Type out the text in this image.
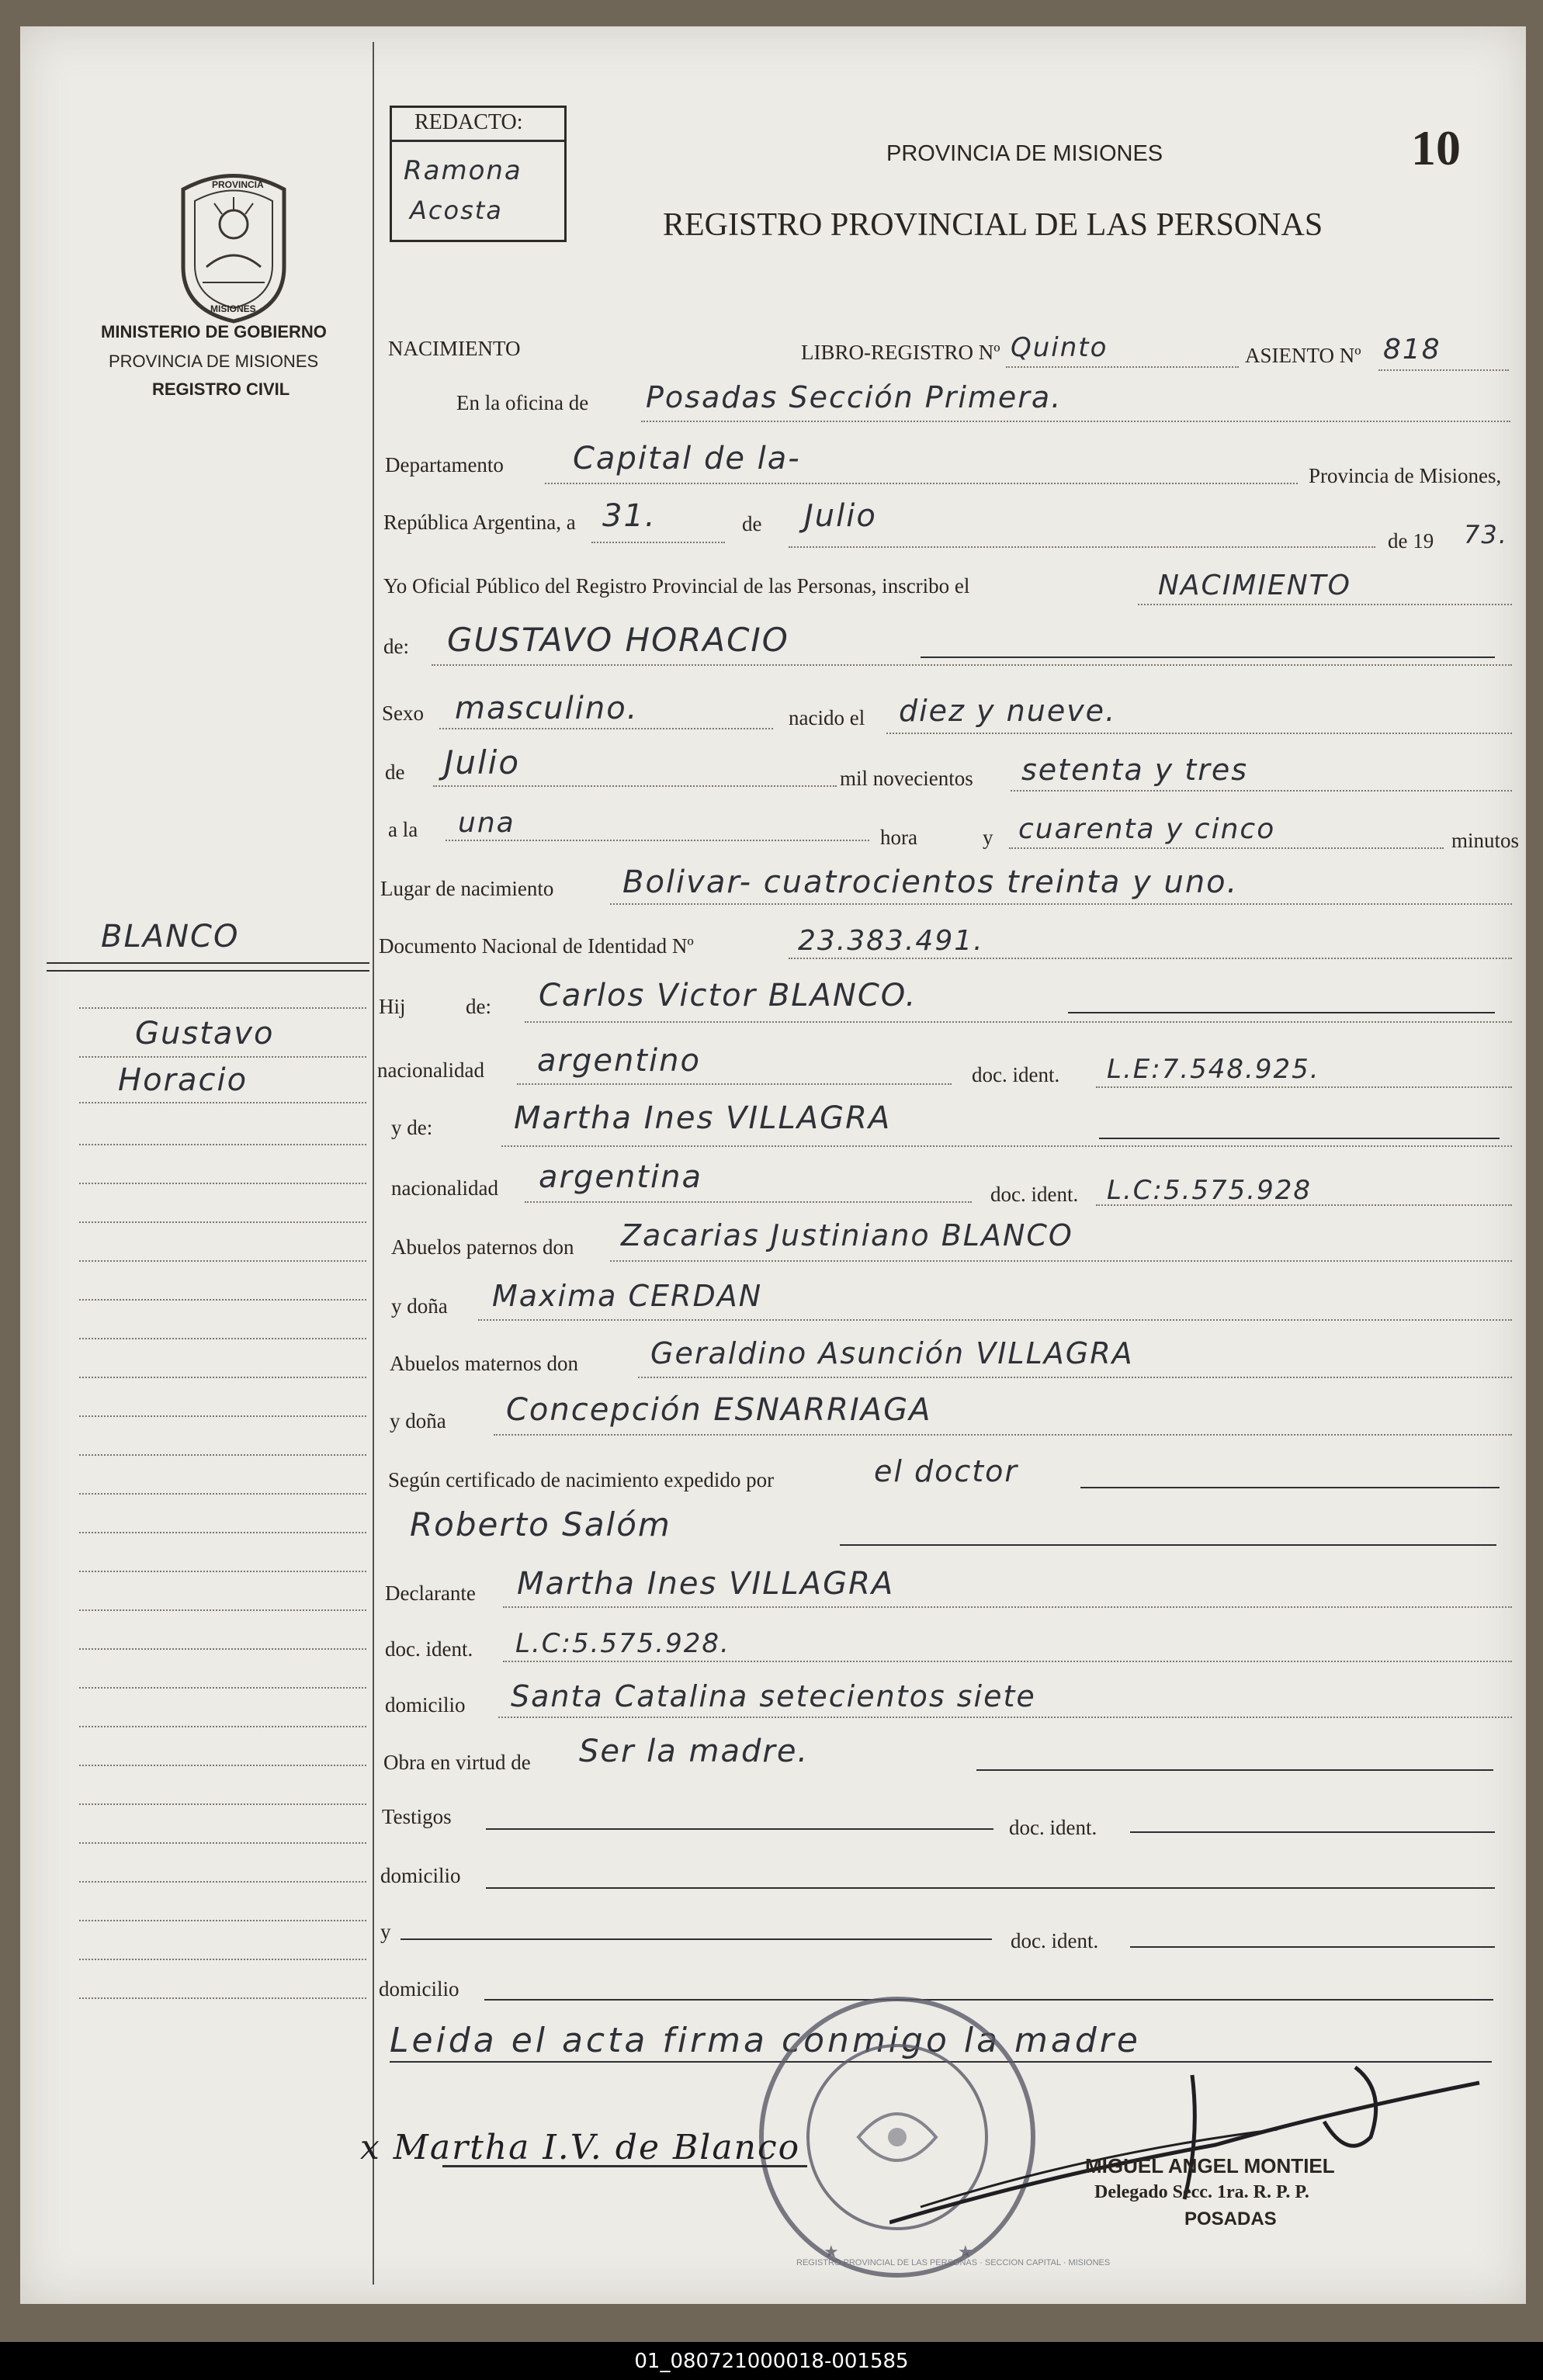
PROVINCIA
MISIONES
MINISTERIO DE GOBIERNO
PROVINCIA DE MISIONES
REGISTRO CIVIL
BLANCO
Gustavo
Horacio
REDACTO:
Ramona
Acosta
PROVINCIA DE MISIONES
REGISTRO PROVINCIAL DE LAS PERSONAS
10
NACIMIENTO	LIBRO-REGISTRO Nº Quinto	ASIENTO Nº 818
En la oficina de Posadas Sección Primera.
Departamento Capital de la-	Provincia de Misiones,
República Argentina, a 31.	de Julio
de 19 73.
Yo Oficial Público del Registro Provincial de las Personas, inscribo el	NACIMIENTO
de: GUSTAVO HORACIO
Sexo masculino.	nacido el diez y nueve.
de Julio	mil novecientos setenta y tres
a la una	hora	y cuarenta y cinco	minutos
Lugar de nacimiento Bolivar- cuatrocientos treinta y uno.
Documento Nacional de Identidad Nº	23.383.491.
Hij	de: Carlos Victor BLANCO.
nacionalidad argentino	doc. ident. L.E:7.548.925.
y de:	Martha Ines VILLAGRA
nacionalidad argentina	doc. ident. L.C:5.575.928
Abuelos paternos don Zacarias Justiniano BLANCO
y doña Maxima CERDAN
Abuelos maternos don Geraldino Asunción VILLAGRA
y doña Concepción ESNARRIAGA
Según certificado de nacimiento expedido por	el doctor
Roberto Salóm
Declarante Martha Ines VILLAGRA
doc. ident. L.C:5.575.928.
domicilio Santa Catalina setecientos siete
Obra en virtud de Ser la madre.
Testigos	doc. ident.
domicilio
y	doc. ident.
domicilio
Leida el acta firma conmigo la madre
★	★
REGISTRO PROVINCIAL DE LAS PERSONAS · SECCION CAPITAL · MISIONES
x Martha I.V. de Blanco	MIGUEL ANGEL MONTIEL
Delegado Secc. 1ra. R. P. P.
POSADAS
01_080721000018-001585
